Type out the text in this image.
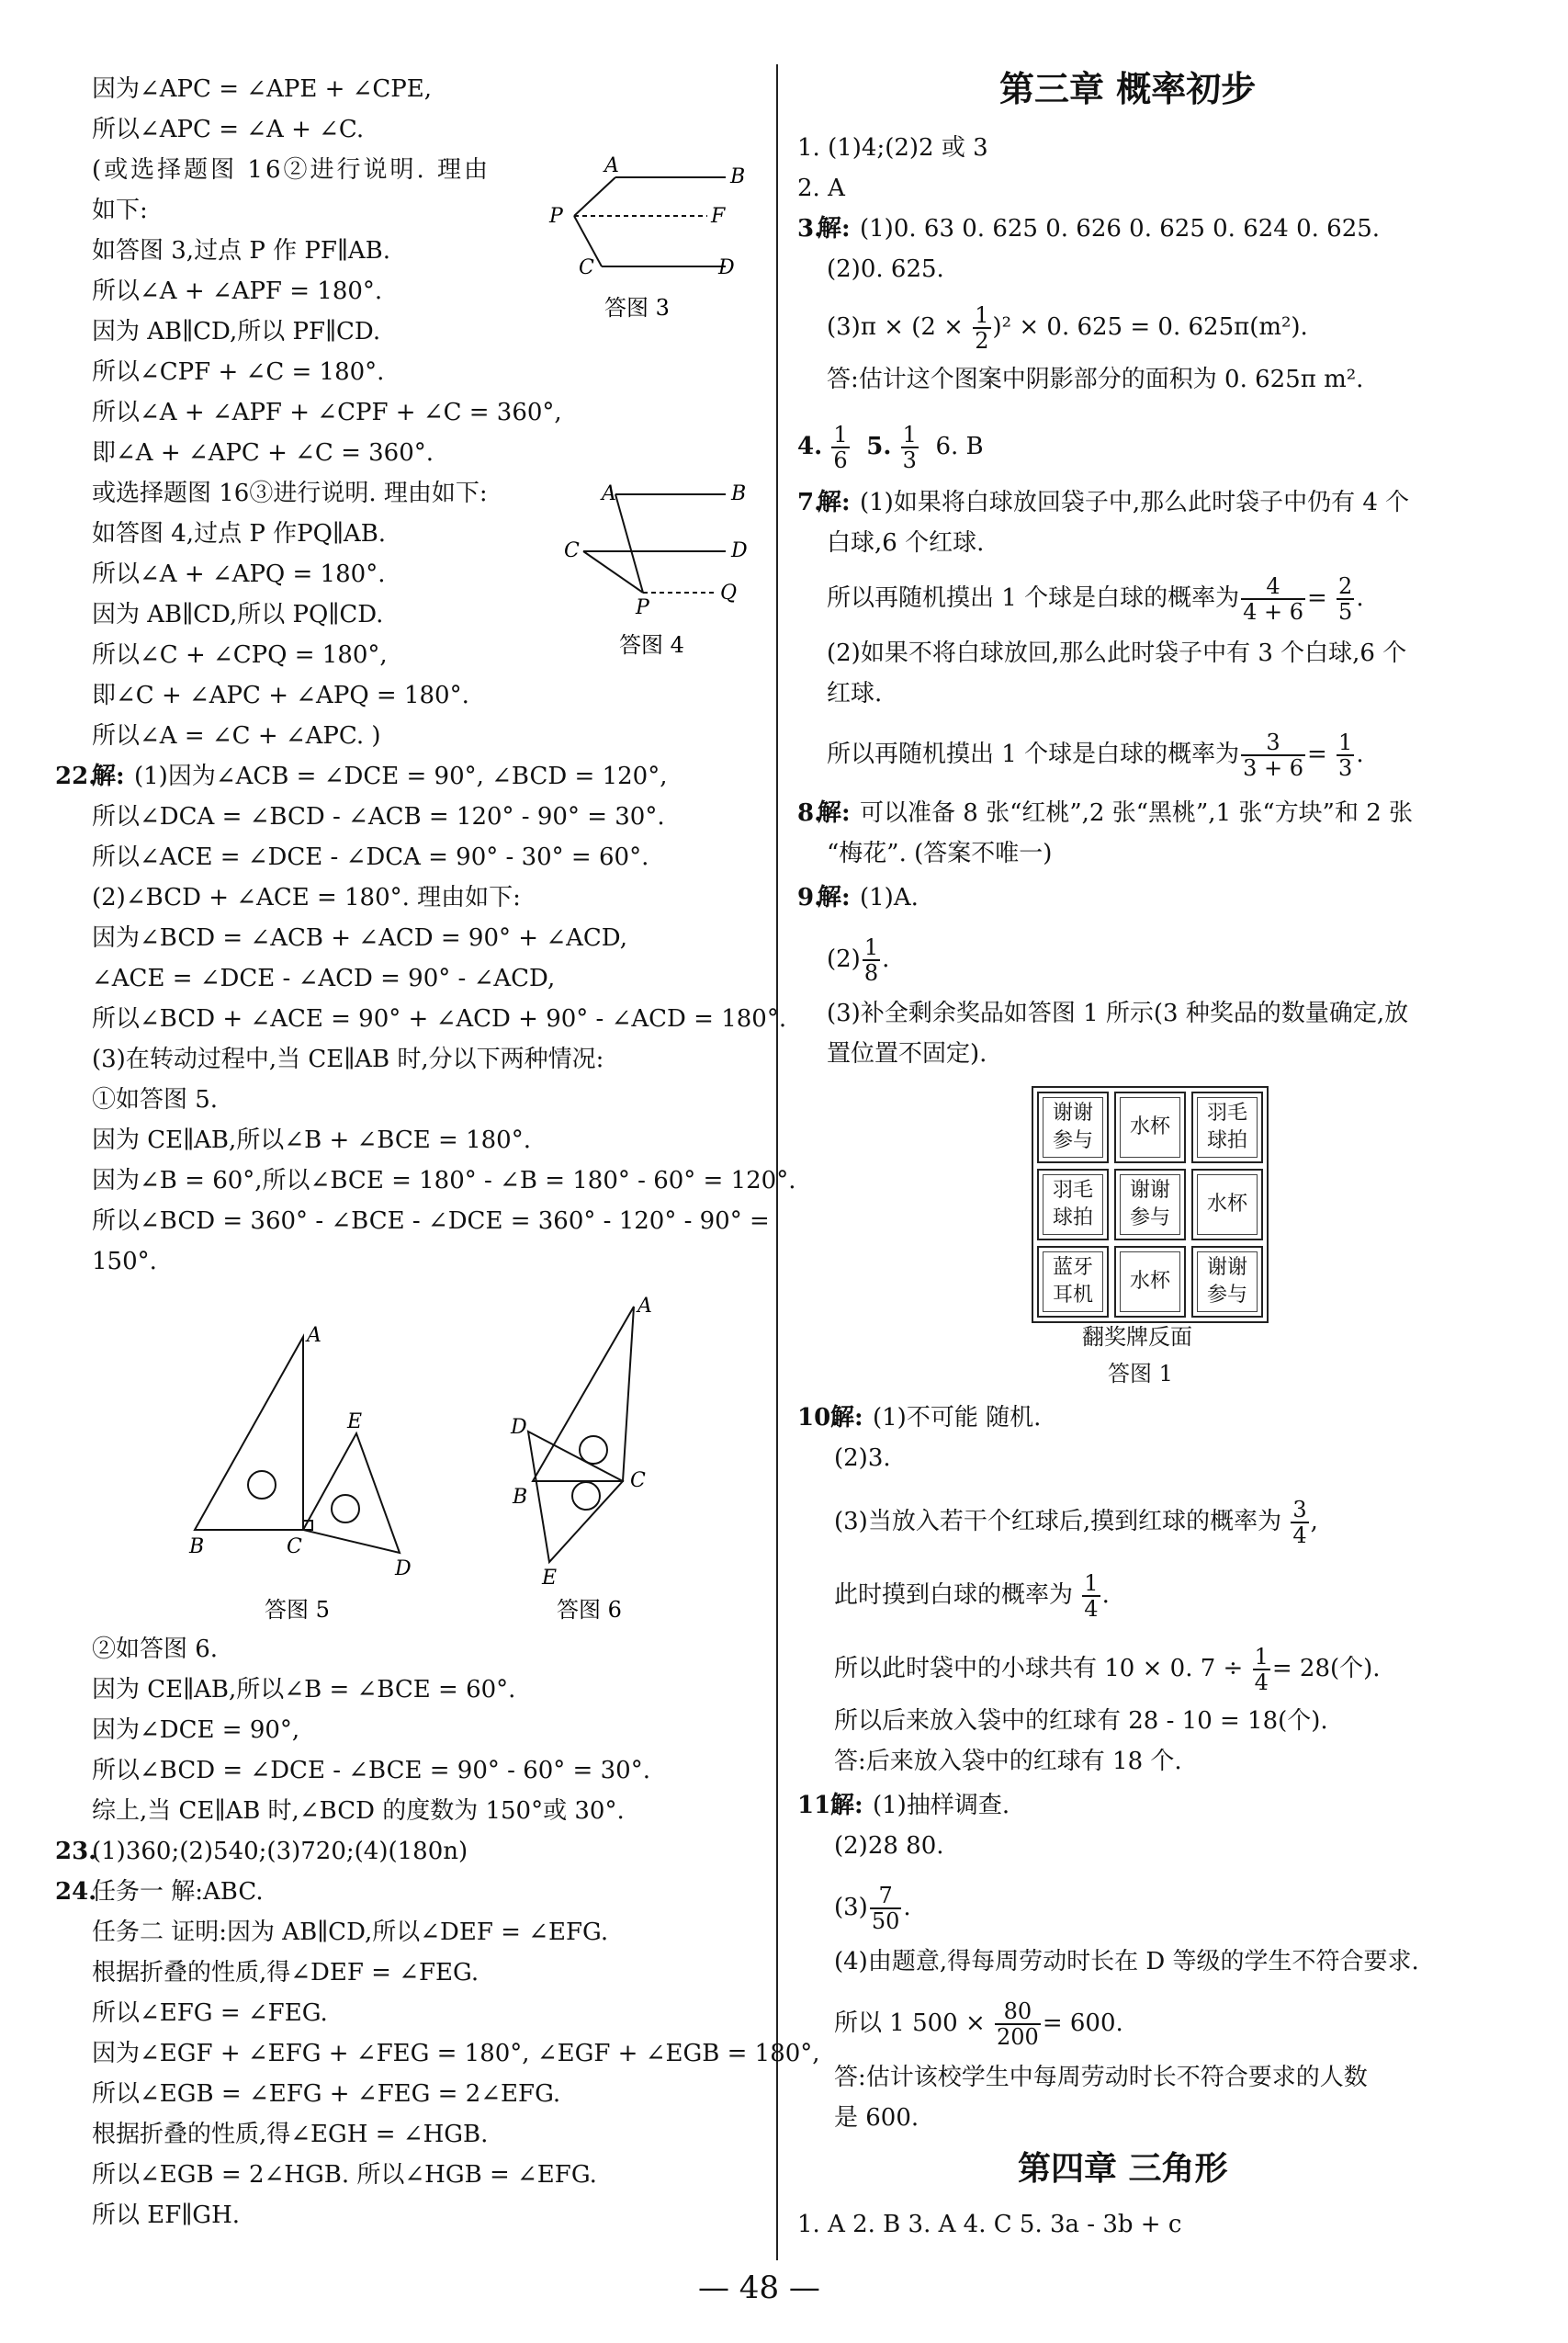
因为∠APC = ∠APE + ∠CPE,
所以∠APC = ∠A + ∠C.
(或选择题图 16②进行说明. 理由
如下:
如答图 3,过点 P 作 PF∥AB.
所以∠A + ∠APF = 180°.
因为 AB∥CD,所以 PF∥CD.
所以∠CPF + ∠C = 180°.
所以∠A + ∠APF + ∠CPF + ∠C = 360°,
即∠A + ∠APC + ∠C = 360°.
或选择题图 16③进行说明. 理由如下:
如答图 4,过点 P 作PQ∥AB.
所以∠A + ∠APQ = 180°.
因为 AB∥CD,所以 PQ∥CD.
所以∠C + ∠CPQ = 180°,
即∠C + ∠APC + ∠APQ = 180°.
所以∠A = ∠C + ∠APC. )
22.
解: (1)因为∠ACB = ∠DCE = 90°, ∠BCD = 120°,
所以∠DCA = ∠BCD - ∠ACB = 120° - 90° = 30°.
所以∠ACE = ∠DCE - ∠DCA = 90° - 30° = 60°.
(2)∠BCD + ∠ACE = 180°. 理由如下:
因为∠BCD = ∠ACB + ∠ACD = 90° + ∠ACD,
∠ACE = ∠DCE - ∠ACD = 90° - ∠ACD,
所以∠BCD + ∠ACE = 90° + ∠ACD + 90° - ∠ACD = 180°.
(3)在转动过程中,当 CE∥AB 时,分以下两种情况:
①如答图 5.
因为 CE∥AB,所以∠B + ∠BCE = 180°.
因为∠B = 60°,所以∠BCE = 180° - ∠B = 180° - 60° = 120°.
所以∠BCD = 360° - ∠BCE - ∠DCE = 360° - 120° - 90° =
150°.
②如答图 6.
因为 CE∥AB,所以∠B = ∠BCE = 60°.
因为∠DCE = 90°,
所以∠BCD = ∠DCE - ∠BCE = 90° - 60° = 30°.
综上,当 CE∥AB 时,∠BCD 的度数为 150°或 30°.
23.
(1)360;(2)540;(3)720;(4)(180n)
24.
任务一 解:ABC.
任务二 证明:因为 AB∥CD,所以∠DEF = ∠EFG.
根据折叠的性质,得∠DEF = ∠FEG.
所以∠EFG = ∠FEG.
因为∠EGF + ∠EFG + ∠FEG = 180°, ∠EGF + ∠EGB = 180°,
所以∠EGB = ∠EFG + ∠FEG = 2∠EFG.
根据折叠的性质,得∠EGH = ∠HGB.
所以∠EGB = 2∠HGB. 所以∠HGB = ∠EFG.
所以 EF∥GH.
A	B
P	F
C	D
答图 3
A	B
C	D
P
Q
答图 4
A
E
B	C
D
答图 5
A
D
B
C
E
答图 6
第三章 概率初步
1. (1)4;(2)2 或 3
2. A
3.
解: (1)0. 63 0. 625 0. 626 0. 625 0. 624 0. 625.
(2)0. 625.
$(3)\pi \times (2 \times \frac{1}{2} )^2 \times 0$. 625 = 0. 625π(m²).
答:估计这个图案中阴影部分的面积为 0. 625π m².
4. $\frac{1}{6} 5$. $\frac{1}{3} 6$. B
7.
解: (1)如果将白球放回袋子中,那么此时袋子中仍有 4 个
白球,6 个红球.
所以再随机摸出 1 个球是白球的概率为 $\frac{4}{4 + 6} = \frac{2}{5}$ .
(2)如果不将白球放回,那么此时袋子中有 3 个白球,6 个
红球.
所以再随机摸出 1 个球是白球的概率为 $\frac{3}{3 + 6} = \frac{1}{3}$ .
8.
解: 可以准备 8 张“红桃”,2 张“黑桃”,1 张“方块”和 2 张
“梅花”. (答案不唯一)
9.
解: (1)A.
$(2) \frac{1}{8}$ .
(3)补全剩余奖品如答图 1 所示(3 种奖品的数量确定,放
置位置不固定).
翻奖牌反面
答图 1
10.
解: (1)不可能 随机.
(2)3.
(3)当放入若干个红球后,摸到红球的概率为 $\frac{3}{4}$ ,
此时摸到白球的概率为 $\frac{1}{4}$ .
所以此时袋中的小球共有 10 × 0. $7 \div \frac{1}{4} = 28$(个).
所以后来放入袋中的红球有 28 - 10 = 18(个).
答:后来放入袋中的红球有 18 个.
11.
解: (1)抽样调查.
(2)28 80.
$(3) \frac{7}{50}$ .
(4)由题意,得每周劳动时长在 D 等级的学生不符合要求.
所以 1 $500 \times \frac{80}{200} = 600$.
答:估计该校学生中每周劳动时长不符合要求的人数
是 600.
第四章 三角形
1. A 2. B 3. A 4. C 5. 3a - 3b + c
谢谢参与
水杯
羽毛球拍
羽毛球拍
谢谢参与
水杯
蓝牙耳机
水杯
谢谢参与
— 48 —
